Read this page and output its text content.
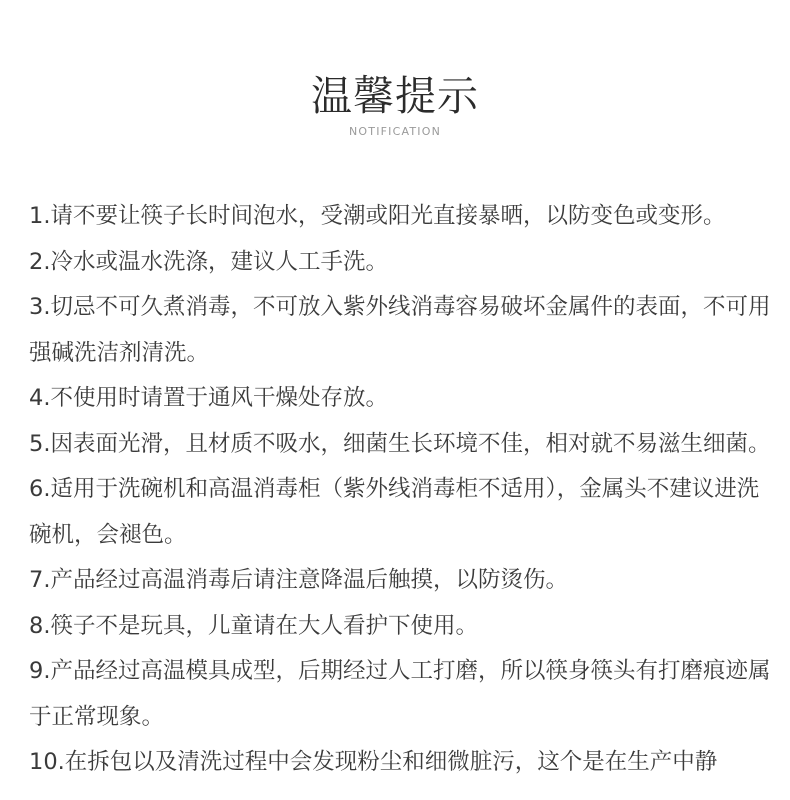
温馨提示
NOTIFICATION
1.请不要让筷子长时间泡水，受潮或阳光直接暴晒，以防变色或变形。
2.冷水或温水洗涤，建议人工手洗。
3.切忌不可久煮消毒，不可放入紫外线消毒容易破坏金属件的表面，不可用强碱洗洁剂清洗。
4.不使用时请置于通风干燥处存放。
5.因表面光滑，且材质不吸水，细菌生长环境不佳，相对就不易滋生细菌。
6.适用于洗碗机和高温消毒柜（紫外线消毒柜不适用），金属头不建议进洗碗机，会褪色。
7.产品经过高温消毒后请注意降温后触摸，以防烫伤。
8.筷子不是玩具，儿童请在大人看护下使用。
9.产品经过高温模具成型，后期经过人工打磨，所以筷身筷头有打磨痕迹属于正常现象。
10.在拆包以及清洗过程中会发现粉尘和细微脏污，这个是在生产中静
